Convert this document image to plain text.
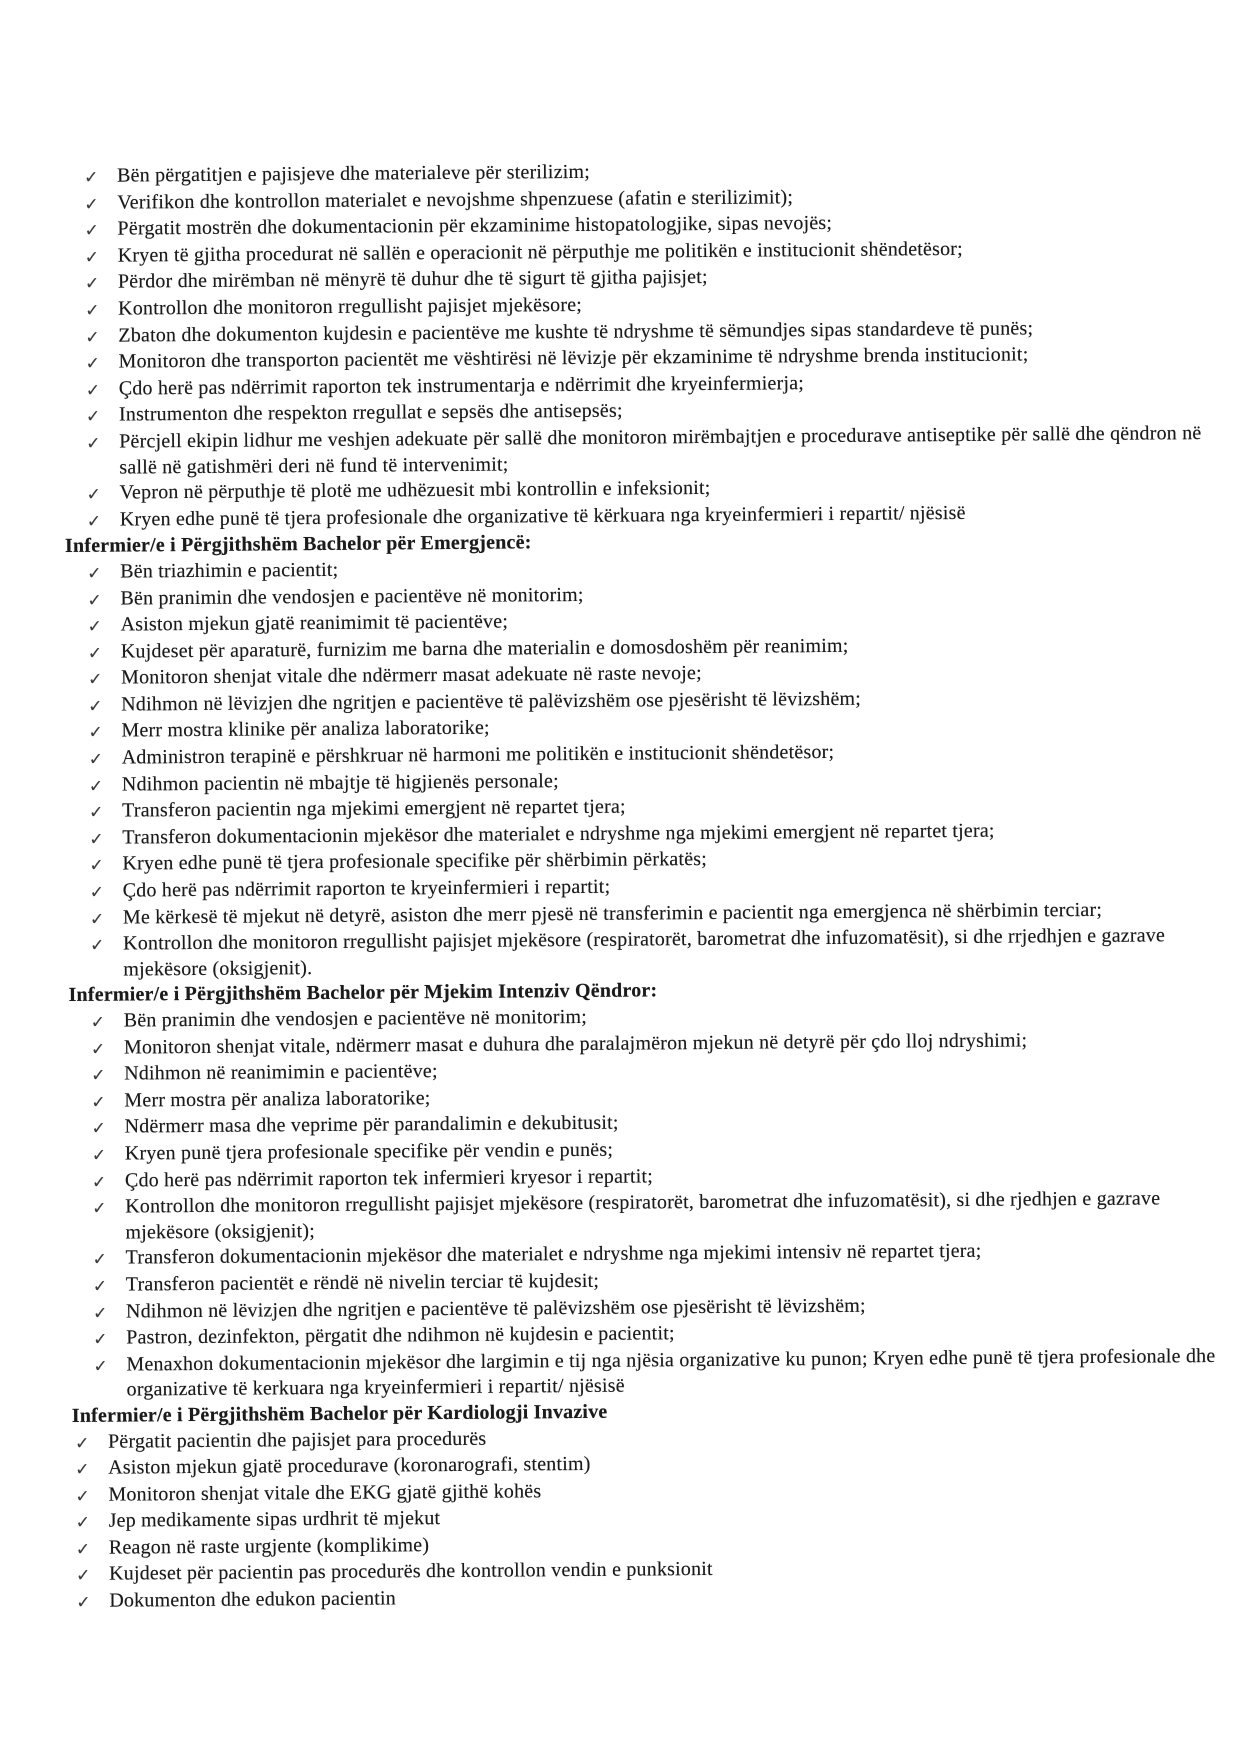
✓ Bën përgatitjen e pajisjeve dhe materialeve për sterilizim;
✓ Verifikon dhe kontrollon materialet e nevojshme shpenzuese (afatin e sterilizimit);
✓ Përgatit mostrën dhe dokumentacionin për ekzaminime histopatologjike, sipas nevojës;
✓ Kryen të gjitha procedurat në sallën e operacionit në përputhje me politikën e institucionit shëndetësor;
✓ Përdor dhe mirëmban në mënyrë të duhur dhe të sigurt të gjitha pajisjet;
✓ Kontrollon dhe monitoron rregullisht pajisjet mjekësore;
✓ Zbaton dhe dokumenton kujdesin e pacientëve me kushte të ndryshme të sëmundjes sipas standardeve të punës;
✓ Monitoron dhe transporton pacientët me vështirësi në lëvizje për ekzaminime të ndryshme brenda institucionit;
✓ Çdo herë pas ndërrimit raporton tek instrumentarja e ndërrimit dhe kryeinfermierja;
✓ Instrumenton dhe respekton rregullat e sepsës dhe antisepsës;
✓ Përcjell ekipin lidhur me veshjen adekuate për sallë dhe monitoron mirëmbajtjen e procedurave antiseptike për sallë dhe qëndron në sallë në gatishmëri deri në fund të intervenimit;
✓ Vepron në përputhje të plotë me udhëzuesit mbi kontrollin e infeksionit;
✓ Kryen edhe punë të tjera profesionale dhe organizative të kërkuara nga kryeinfermieri i repartit/ njësisë
Infermier/e i Përgjithshëm Bachelor për Emergjencë:
✓ Bën triazhimin e pacientit;
✓ Bën pranimin dhe vendosjen e pacientëve në monitorim;
✓ Asiston mjekun gjatë reanimimit të pacientëve;
✓ Kujdeset për aparaturë, furnizim me barna dhe materialin e domosdoshëm për reanimim;
✓ Monitoron shenjat vitale dhe ndërmerr masat adekuate në raste nevoje;
✓ Ndihmon në lëvizjen dhe ngritjen e pacientëve të palëvizshëm ose pjesërisht të lëvizshëm;
✓ Merr mostra klinike për analiza laboratorike;
✓ Administron terapinë e përshkruar në harmoni me politikën e institucionit shëndetësor;
✓ Ndihmon pacientin në mbajtje të higjienës personale;
✓ Transferon pacientin nga mjekimi emergjent në repartet tjera;
✓ Transferon dokumentacionin mjekësor dhe materialet e ndryshme nga mjekimi emergjent në repartet tjera;
✓ Kryen edhe punë të tjera profesionale specifike për shërbimin përkatës;
✓ Çdo herë pas ndërrimit raporton te kryeinfermieri i repartit;
✓ Me kërkesë të mjekut në detyrë, asiston dhe merr pjesë në transferimin e pacientit nga emergjenca në shërbimin terciar;
✓ Kontrollon dhe monitoron rregullisht pajisjet mjekësore (respiratorët, barometrat dhe infuzomatësit), si dhe rrjedhjen e gazrave mjekësore (oksigjenit).
Infermier/e i Përgjithshëm Bachelor për Mjekim Intenziv Qëndror:
✓ Bën pranimin dhe vendosjen e pacientëve në monitorim;
✓ Monitoron shenjat vitale, ndërmerr masat e duhura dhe paralajmëron mjekun në detyrë për çdo lloj ndryshimi;
✓ Ndihmon në reanimimin e pacientëve;
✓ Merr mostra për analiza laboratorike;
✓ Ndërmerr masa dhe veprime për parandalimin e dekubitusit;
✓ Kryen punë tjera profesionale specifike për vendin e punës;
✓ Çdo herë pas ndërrimit raporton tek infermieri kryesor i repartit;
✓ Kontrollon dhe monitoron rregullisht pajisjet mjekësore (respiratorët, barometrat dhe infuzomatësit), si dhe rjedhjen e gazrave mjekësore (oksigjenit);
✓ Transferon dokumentacionin mjekësor dhe materialet e ndryshme nga mjekimi intensiv në repartet tjera;
✓ Transferon pacientët e rëndë në nivelin terciar të kujdesit;
✓ Ndihmon në lëvizjen dhe ngritjen e pacientëve të palëvizshëm ose pjesërisht të lëvizshëm;
✓ Pastron, dezinfekton, përgatit dhe ndihmon në kujdesin e pacientit;
✓ Menaxhon dokumentacionin mjekësor dhe largimin e tij nga njësia organizative ku punon; Kryen edhe punë të tjera profesionale dhe organizative të kerkuara nga kryeinfermieri i repartit/ njësisë
Infermier/e i Përgjithshëm Bachelor për Kardiologji Invazive
✓ Përgatit pacientin dhe pajisjet para procedurës
✓ Asiston mjekun gjatë procedurave (koronarografi, stentim)
✓ Monitoron shenjat vitale dhe EKG gjatë gjithë kohës
✓ Jep medikamente sipas urdhrit të mjekut
✓ Reagon në raste urgjente (komplikime)
✓ Kujdeset për pacientin pas procedurës dhe kontrollon vendin e punksionit
✓ Dokumenton dhe edukon pacientin
